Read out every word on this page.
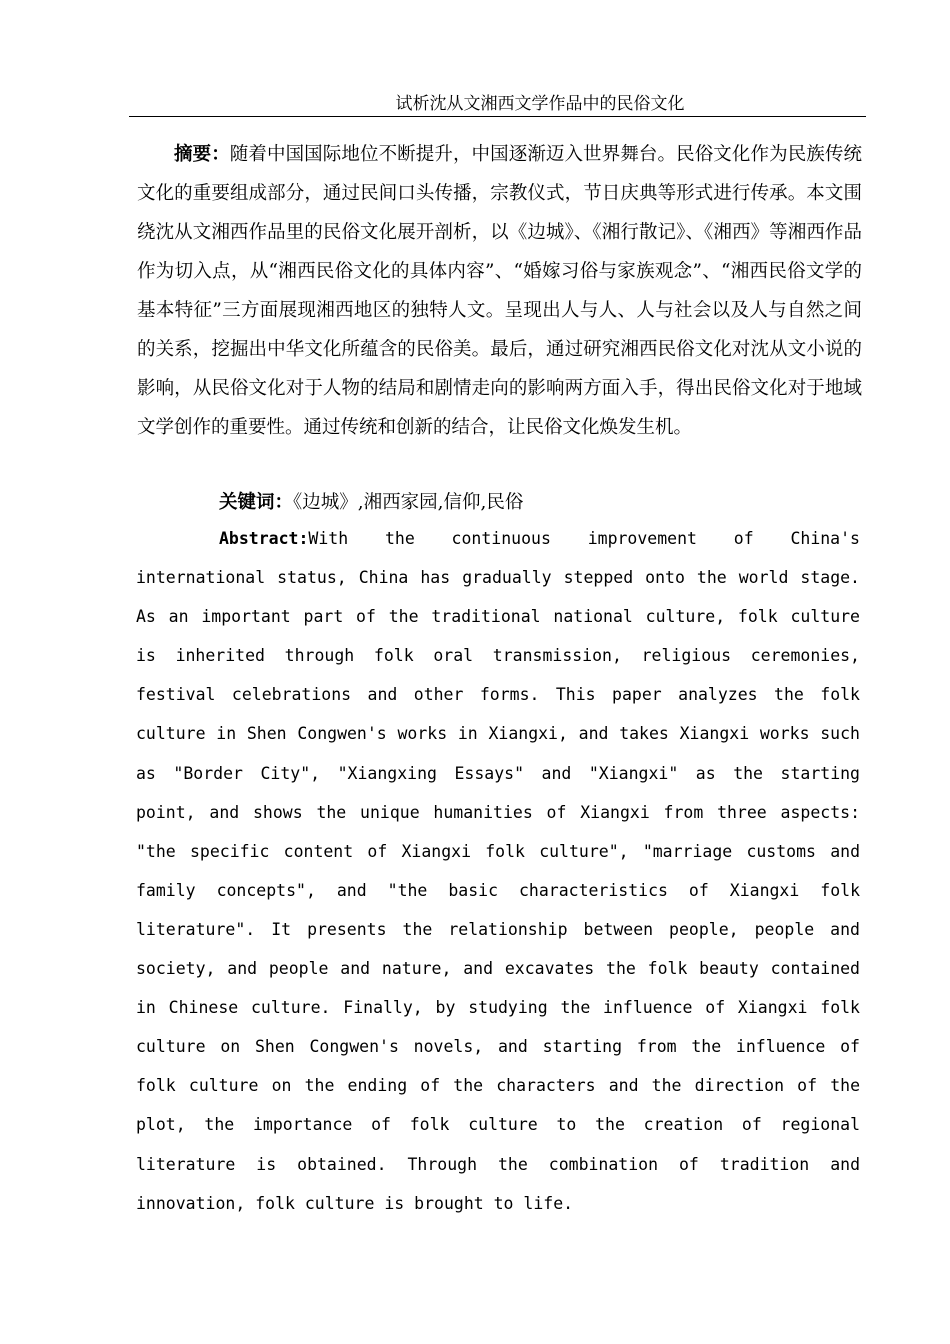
试析沈从文湘西文学作品中的民俗文化

摘要：随着中国国际地位不断提升，中国逐渐迈入世界舞台。民俗文化作为民族传统文化的重要组成部分，通过民间口头传播，宗教仪式，节日庆典等形式进行传承。本文围绕沈从文湘西作品里的民俗文化展开剖析，以《边城》、《湘行散记》、《湘西》等湘西作品作为切入点，从“湘西民俗文化的具体内容”、“婚嫁习俗与家族观念”、“湘西民俗文学的基本特征”三方面展现湘西地区的独特人文。呈现出人与人、人与社会以及人与自然之间的关系，挖掘出中华文化所蕴含的民俗美。最后，通过研究湘西民俗文化对沈从文小说的影响，从民俗文化对于人物的结局和剧情走向的影响两方面入手，得出民俗文化对于地域文学创作的重要性。通过传统和创新的结合，让民俗文化焕发生机。

关键词：《边城》,湘西家园,信仰,民俗

Abstract:With the continuous improvement of China's international status, China has gradually stepped onto the world stage. As an important part of the traditional national culture, folk culture is inherited through folk oral transmission, religious ceremonies, festival celebrations and other forms. This paper analyzes the folk culture in Shen Congwen's works in Xiangxi, and takes Xiangxi works such as "Border City", "Xiangxing Essays" and "Xiangxi" as the starting point, and shows the unique humanities of Xiangxi from three aspects: "the specific content of Xiangxi folk culture", "marriage customs and family concepts", and "the basic characteristics of Xiangxi folk literature". It presents the relationship between people, people and society, and people and nature, and excavates the folk beauty contained in Chinese culture. Finally, by studying the influence of Xiangxi folk culture on Shen Congwen's novels, and starting from the influence of folk culture on the ending of the characters and the direction of the plot, the importance of folk culture to the creation of regional literature is obtained. Through the combination of tradition and innovation, folk culture is brought to life.
